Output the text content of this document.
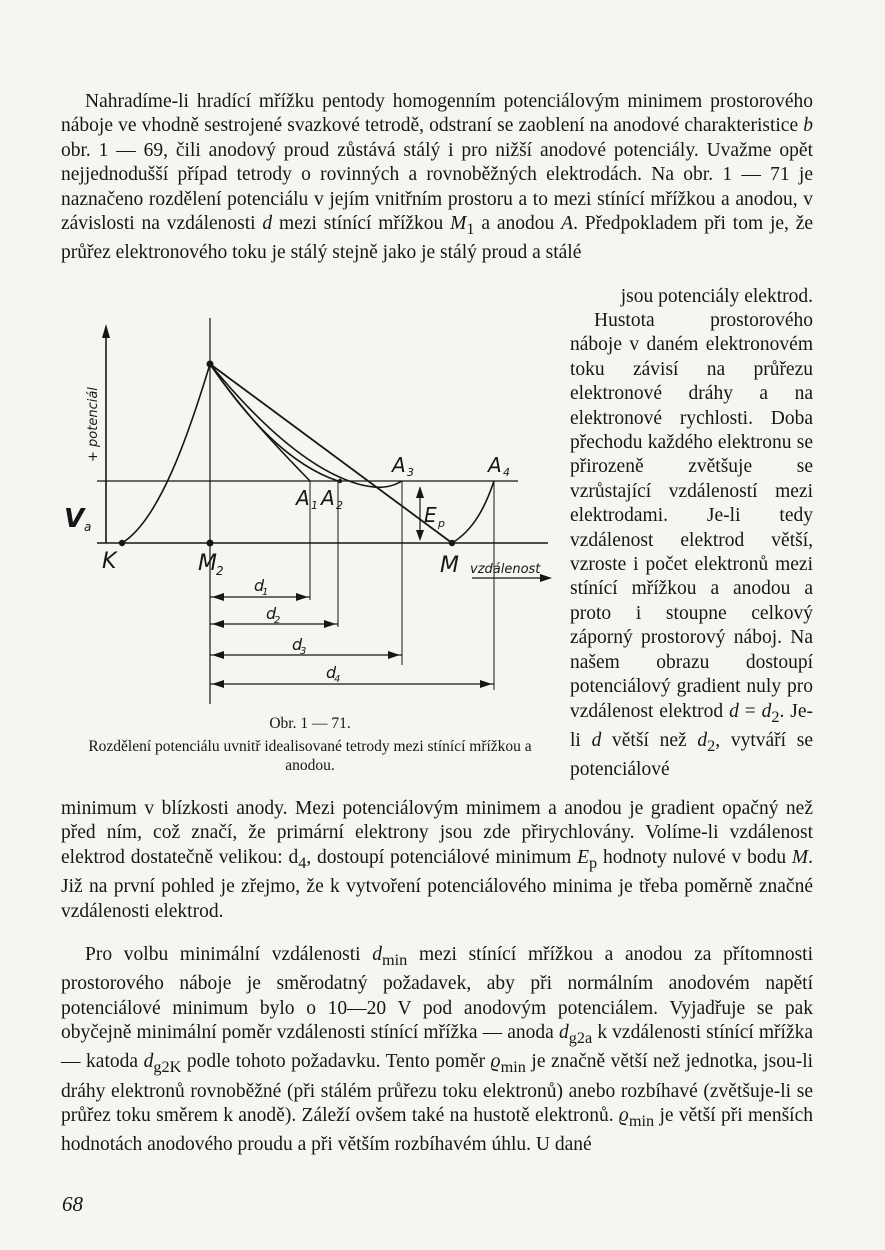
Nahradíme-li hradící mřížku pentody homogenním potenciálovým minimem prostorového náboje ve vhodně sestrojené svazkové tetrodě, odstraní se zaoblení na anodové charakteristice b obr. 1 — 69, čili anodový proud zůstává stálý i pro nižší anodové potenciály. Uvažme opět nejjednodušší případ tetrody o rovinných a rovnoběžných elektrodách. Na obr. 1 — 71 je naznačeno rozdělení potenciálu v jejím vnitřním prostoru a to mezi stínící mřížkou a anodou, v závislosti na vzdálenosti d mezi stínící mřížkou $M_1$ a anodou A. Předpokladem při tom je, že průřez elektronového toku je stálý stejně jako je stálý proud a stálé

jsou potenciály elektrod.

Hustota prostorového náboje v daném elektronovém toku závisí na průřezu elektronové dráhy a na elektronové rychlosti. Doba přechodu každého elektronu se přirozeně zvětšuje se vzrůstající vzdáleností mezi elektrodami. Je-li tedy vzdálenost elektrod větší, vzroste i počet elektronů mezi stínící mřížkou a anodou a proto i stoupne celkový záporný prostorový náboj. Na našem obrazu dostoupí potenciálový gradient nuly pro vzdálenost elektrod $d = d_2$. Je-li d větší než $d_2$, vytváří se potenciálové

+ potenciál
V a
K	M 2	M vzdálenost
A 1 A 2
A 3	A 4
E p
d
1
d
2
d
3
d
4

Obr. 1 — 71.

Rozdělení potenciálu uvnitř idealisované tetrody mezi stínící mřížkou a anodou.

minimum v blízkosti anody. Mezi potenciálovým minimem a anodou je gradient opačný než před ním, což značí, že primární elektrony jsou zde přirychlovány. Volíme-li vzdálenost elektrod dostatečně velikou: $d_4$, dostoupí potenciálové minimum $E_p$ hodnoty nulové v bodu M. Již na první pohled je zřejmo, že k vytvoření potenciálového minima je třeba poměrně značné vzdálenosti elektrod.

Pro volbu minimální vzdálenosti $d_{min}$ mezi stínící mřížkou a anodou za přítomnosti prostorového náboje je směrodatný požadavek, aby při normálním anodovém napětí potenciálové minimum bylo o 10—20 V pod anodovým potenciálem. Vyjadřuje se pak obyčejně minimální poměr vzdálenosti stínící mřížka — anoda $d_{g2a}$ k vzdálenosti stínící mřížka — katoda $d_{g2K}$ podle tohoto požadavku. Tento poměr $ϱ_{min}$ je značně větší než jednotka, jsou-li dráhy elektronů rovnoběžné (při stálém průřezu toku elektronů) anebo rozbíhavé (zvětšuje-li se průřez toku směrem k anodě). Záleží ovšem také na hustotě elektronů. $ϱ_{min}$ je větší při menších hodnotách anodového proudu a při větším rozbíhavém úhlu. U dané

68
